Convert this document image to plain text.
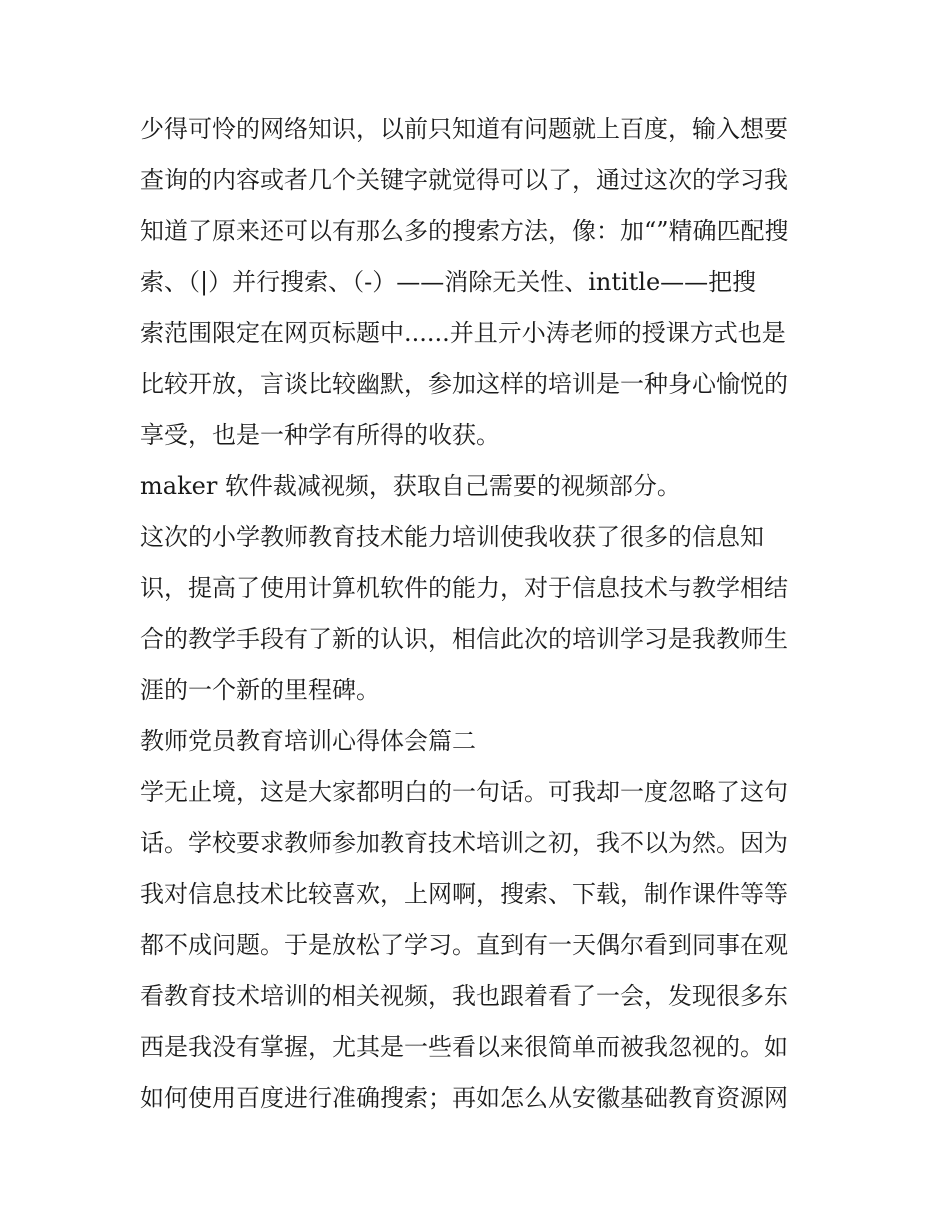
少得可怜的网络知识，以前只知道有问题就上百度，输入想要
查询的内容或者几个关键字就觉得可以了，通过这次的学习我
知道了原来还可以有那么多的搜索方法，像：加“”精确匹配搜
索、（|）并行搜索、（-）——消除无关性、intitle——把搜
索范围限定在网页标题中......并且亓小涛老师的授课方式也是
比较开放，言谈比较幽默，参加这样的培训是一种身心愉悦的
享受，也是一种学有所得的收获。
maker 软件裁减视频，获取自己需要的视频部分。
这次的小学教师教育技术能力培训使我收获了很多的信息知
识，提高了使用计算机软件的能力，对于信息技术与教学相结
合的教学手段有了新的认识，相信此次的培训学习是我教师生
涯的一个新的里程碑。
教师党员教育培训心得体会篇二
学无止境，这是大家都明白的一句话。可我却一度忽略了这句
话。学校要求教师参加教育技术培训之初，我不以为然。因为
我对信息技术比较喜欢，上网啊，搜索、下载，制作课件等等
都不成问题。于是放松了学习。直到有一天偶尔看到同事在观
看教育技术培训的相关视频，我也跟着看了一会，发现很多东
西是我没有掌握，尤其是一些看以来很简单而被我忽视的。如
如何使用百度进行准确搜索；再如怎么从安徽基础教育资源网
